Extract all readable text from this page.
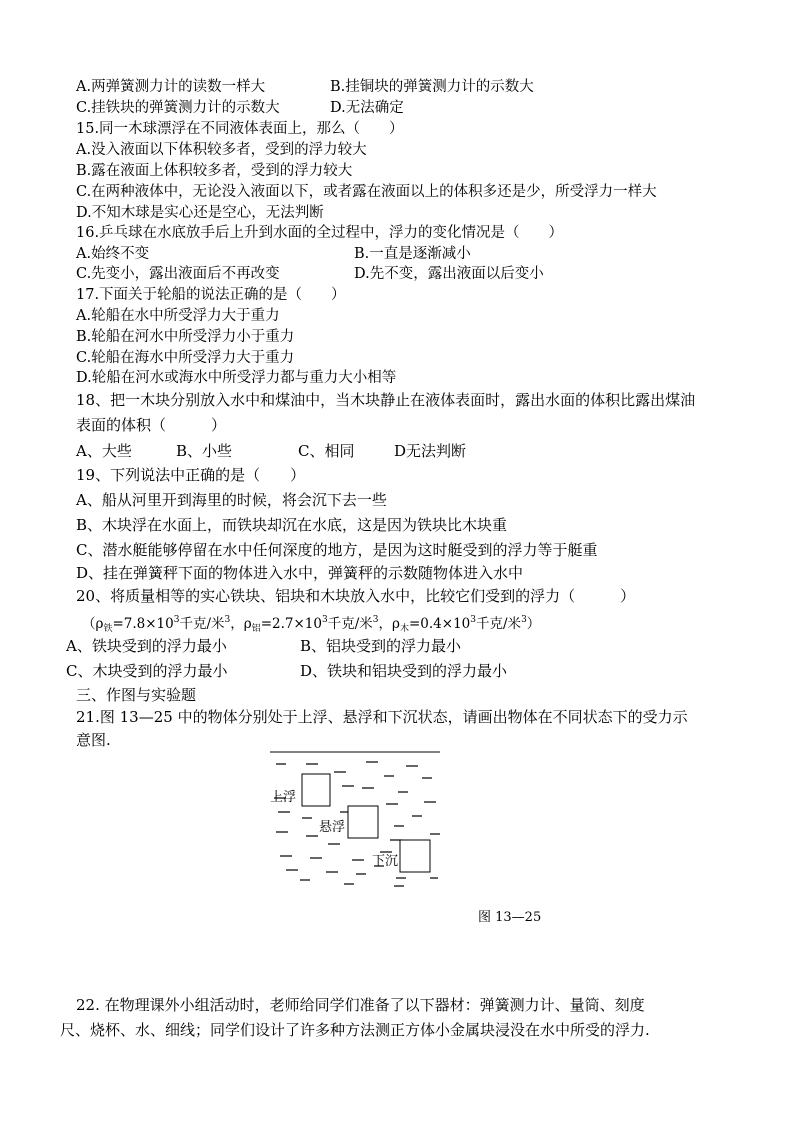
A.两弹簧测力计的读数一样大	B.挂铜块的弹簧测力计的示数大
C.挂铁块的弹簧测力计的示数大	D.无法确定
15.同一木球漂浮在不同液体表面上，那么（　　）
A.没入液面以下体积较多者，受到的浮力较大
B.露在液面上体积较多者，受到的浮力较大
C.在两种液体中，无论没入液面以下，或者露在液面以上的体积多还是少，所受浮力一样大
D.不知木球是实心还是空心，无法判断
16.乒乓球在水底放手后上升到水面的全过程中，浮力的变化情况是（　　）
A.始终不变	B.一直是逐渐减小
C.先变小，露出液面后不再改变	D.先不变，露出液面以后变小
17.下面关于轮船的说法正确的是（　　）
A.轮船在水中所受浮力大于重力
B.轮船在河水中所受浮力小于重力
C.轮船在海水中所受浮力大于重力
D.轮船在河水或海水中所受浮力都与重力大小相等
18、把一木块分别放入水中和煤油中，当木块静止在液体表面时，露出水面的体积比露出煤油
表面的体积（　　　）
A、大些	B、小些	C、相同	D无法判断
19、下列说法中正确的是（　　）
A、船从河里开到海里的时候，将会沉下去一些
B、木块浮在水面上，而铁块却沉在水底，这是因为铁块比木块重
C、潜水艇能够停留在水中任何深度的地方，是因为这时艇受到的浮力等于艇重
D、挂在弹簧秤下面的物体进入水中，弹簧秤的示数随物体进入水中
20、将质量相等的实心铁块、铝块和木块放入水中，比较它们受到的浮力（　　　）
（$\rho_铁=7.8\times 10^3$千克/米$^3$，$\rho_铝=2.7\times 10^3$千克/米$^3$，$\rho_木=0.4\times 10^3$千克/米$^3$）
A、铁块受到的浮力最小	B、铝块受到的浮力最小
C、木块受到的浮力最小	D、铁块和铝块受到的浮力最小
三、作图与实验题
21.图 13—25 中的物体分别处于上浮、悬浮和下沉状态，请画出物体在不同状态下的受力示
意图.
上浮
悬浮
下沉
图 13—25
22. 在物理课外小组活动时，老师给同学们准备了以下器材：弹簧测力计、量筒、刻度
尺、烧杯、水、细线；同学们设计了许多种方法测正方体小金属块浸没在水中所受的浮力.
